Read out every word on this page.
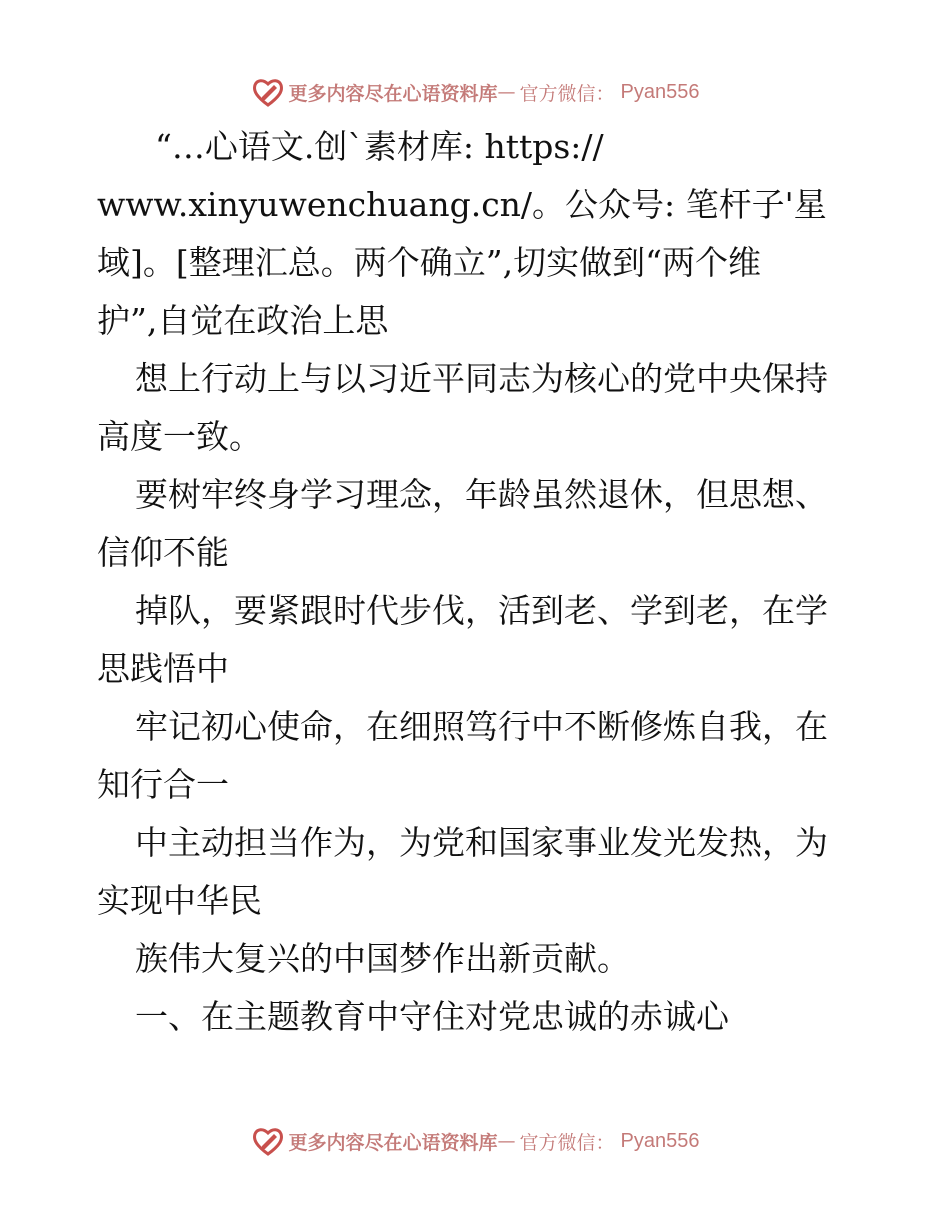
更多内容尽在心语资料库 — 官方微信： Pyan556
“…心语文.创`素材库: https://
www.xinyuwenchuang.cn/。公众号: 笔杆子'星
域]。[整理汇总。两个确立”,切实做到“两个维
护”,自觉在政治上思
想上行动上与以习近平同志为核心的党中央保持
高度一致。
要树牢终身学习理念，年龄虽然退休，但思想、
信仰不能
掉队，要紧跟时代步伐，活到老、学到老，在学
思践悟中
牢记初心使命，在细照笃行中不断修炼自我，在
知行合一
中主动担当作为，为党和国家事业发光发热，为
实现中华民
族伟大复兴的中国梦作出新贡献。
一、在主题教育中守住对党忠诚的赤诚心
更多内容尽在心语资料库 — 官方微信： Pyan556
